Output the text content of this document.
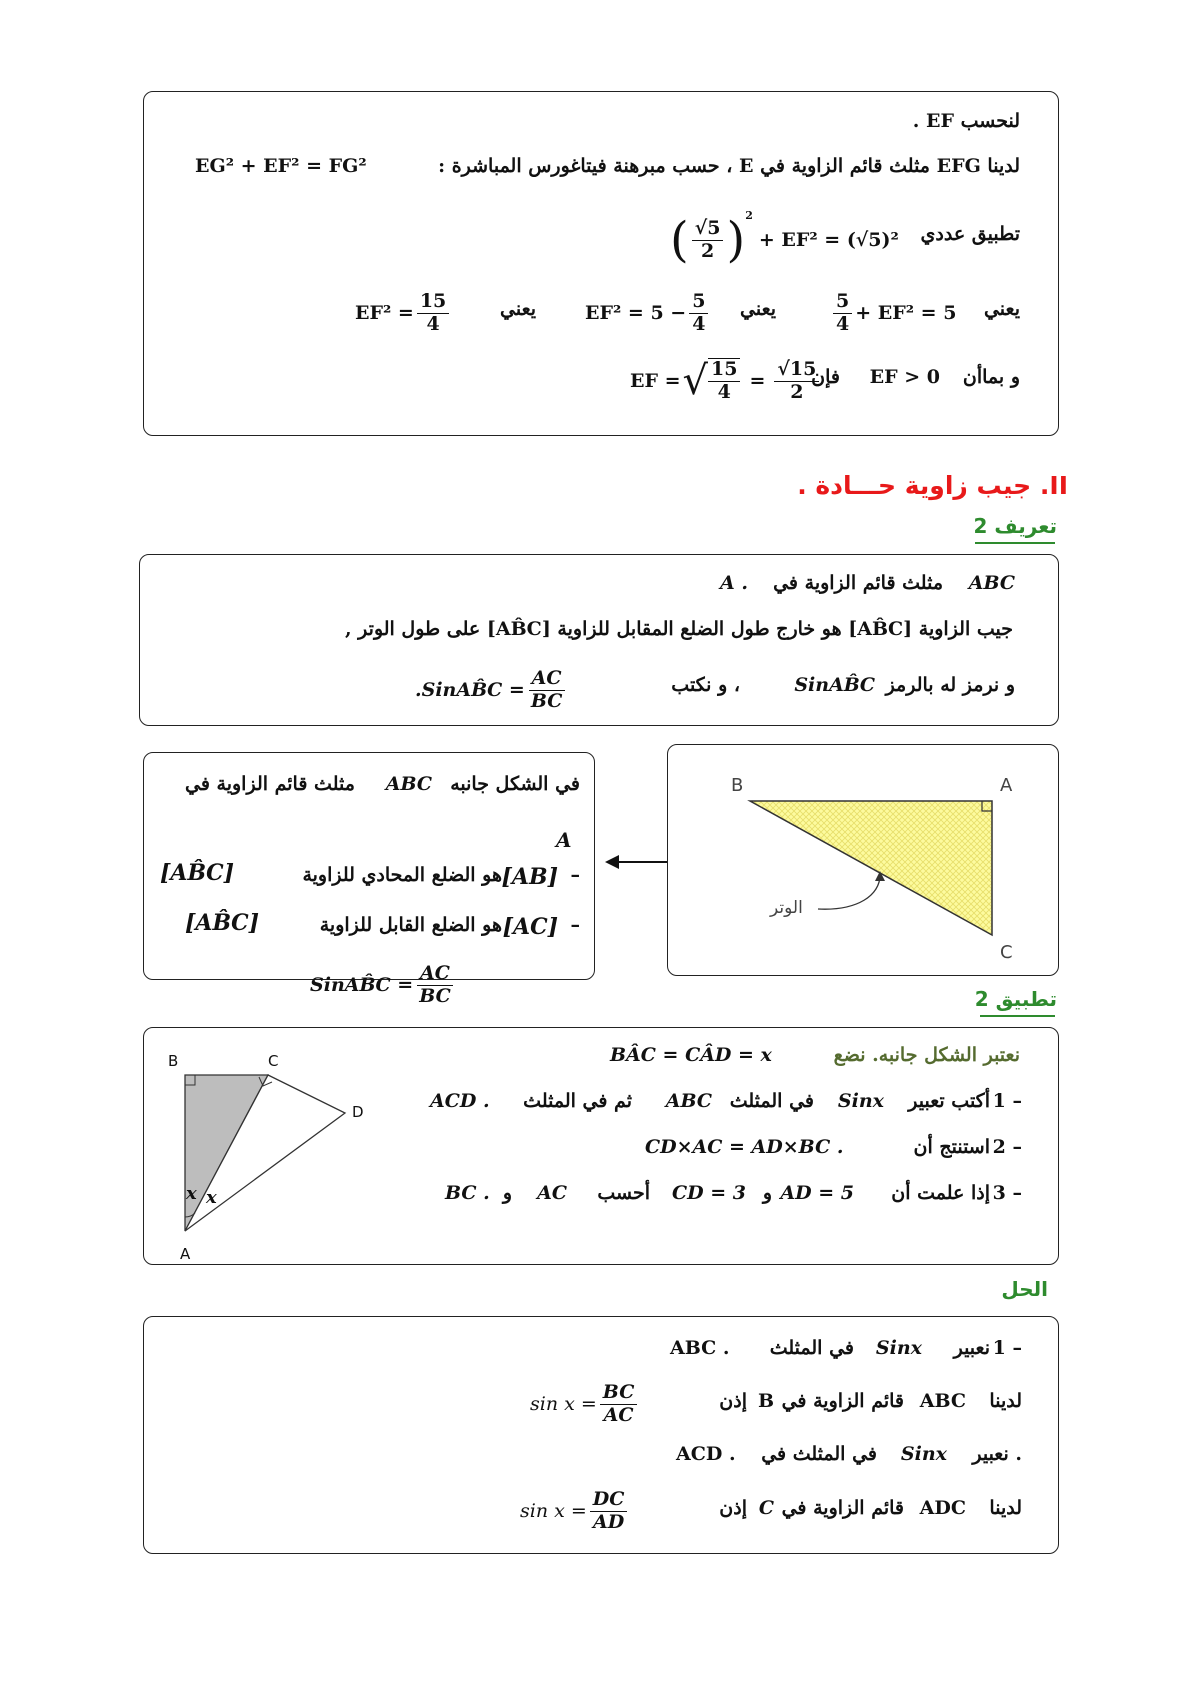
لنحسب EF .
EG² + EF² = FG²	لدينا EFG مثلث قائم الزاوية في E ، حسب مبرهنة فيتاغورس المباشرة :
تطبيق عددي
( $\frac{√5}{2}$ ) 2
+ EF² = (√5)²
يعني
$\frac{5}{4} + EF^2 = 5$
يعني
$EF^2 = 5 - \frac{5}{4}$
يعني
$EF^2 = \frac{15}{4}$
و بماأن
EF > 0
فإن
EF = √ $\frac{15}{4} = \frac{√15}{2}$
II. جيب زاوية حـــادة .
تعريف 2
ABC
مثلث قائم الزاوية في
A .
جيب الزاوية [AB̂C] هو خارج طول الضلع المقابل للزاوية [AB̂C] على طول الوتر ,
و نرمز له بالرمز
SinAB̂C
، و نكتب
.SinAB̂C = $\frac{AC}{BC}$
في الشكل جانبه
ABC
مثلث قائم الزاوية في
A
–
[AB]
هو الضلع المحادي للزاوية
[AB̂C]
–
[AC]
هو الضلع القابل للزاوية
[AB̂C]
SinAB̂C = $\frac{AC}{BC}$
B	A
C
الوتر
تطبيق 2
B	C
D
A
x x
نعتبر الشكل جانبه. نضع
BÂC = CÂD = x
1 –
أكتب تعبير
Sinx
في المثلث
ABC
ثم في المثلث
ACD .
2 –
استنتج أن
CD×AC = AD×BC .
3 –
إذا علمت أن
AD = 5
و
CD = 3
أحسب
AC
و
BC .
الحل
1 –
نعبير
Sinx
في المثلث
ABC .
لدينا
ABC
قائم الزاوية في
B
إذن
$\sin x = \frac{BC}{AC}$
. نعبير
Sinx
في المثلث في
ACD .
لدينا
ADC
قائم الزاوية في
C
إذن
$\sin x = \frac{DC}{AD}$
